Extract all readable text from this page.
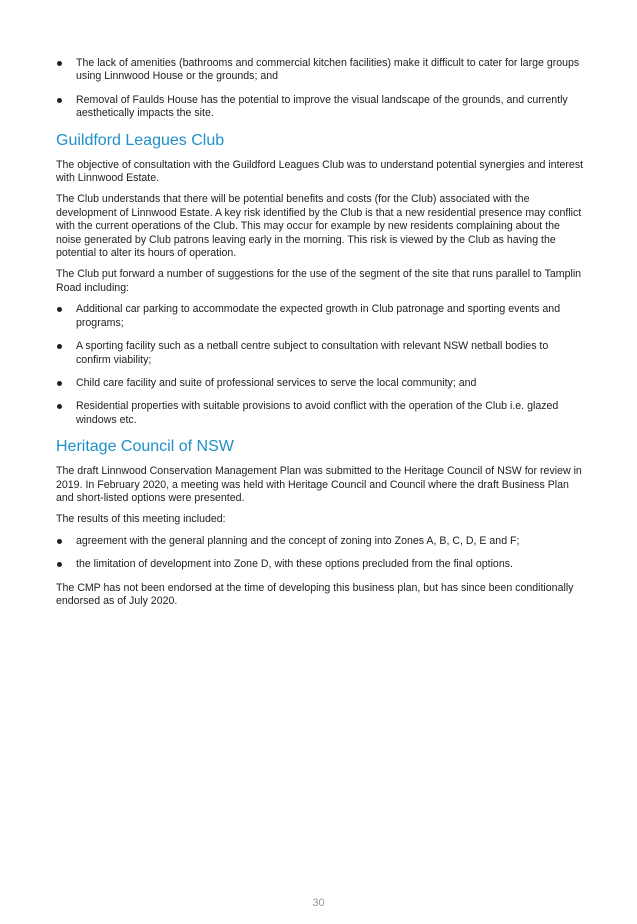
The lack of amenities (bathrooms and commercial kitchen facilities) make it difficult to cater for large groups using Linnwood House or the grounds; and
Removal of Faulds House has the potential to improve the visual landscape of the grounds, and currently aesthetically impacts the site.
Guildford Leagues Club

The objective of consultation with the Guildford Leagues Club was to understand potential synergies and interest with Linnwood Estate.

The Club understands that there will be potential benefits and costs (for the Club) associated with the development of Linnwood Estate. A key risk identified by the Club is that a new residential presence may conflict with the current operations of the Club. This may occur for example by new residents complaining about the noise generated by Club patrons leaving early in the morning. This risk is viewed by the Club as having the potential to alter its hours of operation.

The Club put forward a number of suggestions for the use of the segment of the site that runs parallel to Tamplin Road including:

Additional car parking to accommodate the expected growth in Club patronage and sporting events and programs;
A sporting facility such as a netball centre subject to consultation with relevant NSW netball bodies to confirm viability;
Child care facility and suite of professional services to serve the local community; and
Residential properties with suitable provisions to avoid conflict with the operation of the Club i.e. glazed windows etc.
Heritage Council of NSW

The draft Linnwood Conservation Management Plan was submitted to the Heritage Council of NSW for review in 2019. In February 2020, a meeting was held with Heritage Council and Council where the draft Business Plan and short-listed options were presented.

The results of this meeting included:

agreement with the general planning and the concept of zoning into Zones A, B, C, D, E and F;
the limitation of development into Zone D, with these options precluded from the final options.

The CMP has not been endorsed at the time of developing this business plan, but has since been conditionally endorsed as of July 2020.

30
